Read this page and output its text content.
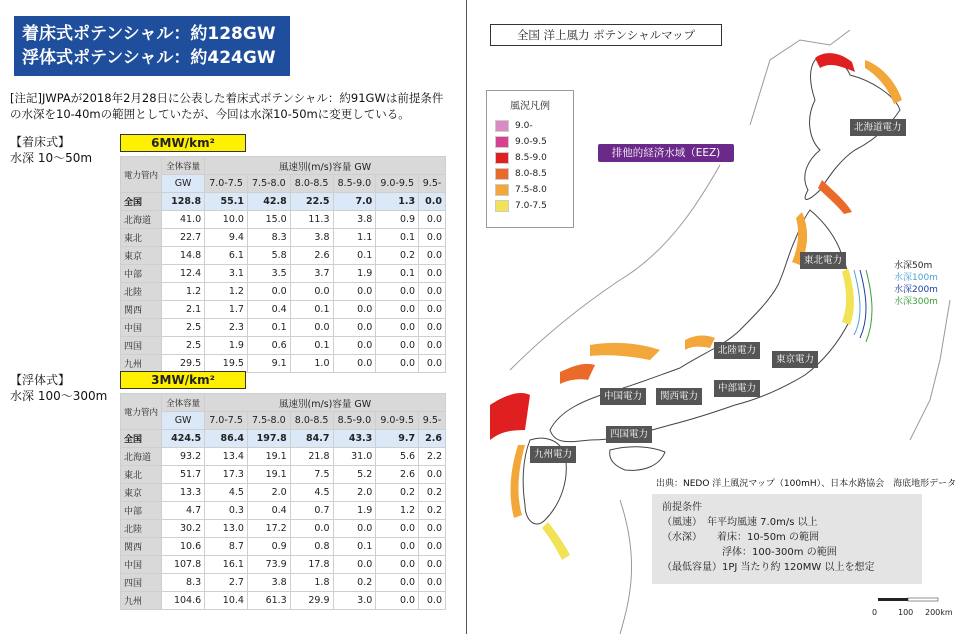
着床式ポテンシャル：約128GW
浮体式ポテンシャル：約424GW
[注記]JWPAが2018年2月28日に公表した着床式ポテンシャル：約91GWは前提条件の水深を10-40mの範囲としていたが、今回は水深10-50mに変更している。
【着床式】
水深 10〜50m
6MW/km²
電力管内	全体容量	風速別(m/s)容量 GW					
	GW	7.0-7.5	7.5-8.0	8.0-8.5	8.5-9.0	9.0-9.5	9.5-
全国	128.8	55.1	42.8	22.5	7.0	1.3	0.0
北海道	41.0	10.0	15.0	11.3	3.8	0.9	0.0
東北	22.7	9.4	8.3	3.8	1.1	0.1	0.0
東京	14.8	6.1	5.8	2.6	0.1	0.2	0.0
中部	12.4	3.1	3.5	3.7	1.9	0.1	0.0
北陸	1.2	1.2	0.0	0.0	0.0	0.0	0.0
関西	2.1	1.7	0.4	0.1	0.0	0.0	0.0
中国	2.5	2.3	0.1	0.0	0.0	0.0	0.0
四国	2.5	1.9	0.6	0.1	0.0	0.0	0.0
九州	29.5	19.5	9.1	1.0	0.0	0.0	0.0
【浮体式】
水深 100〜300m
3MW/km²
電力管内	全体容量	風速別(m/s)容量 GW					
	GW	7.0-7.5	7.5-8.0	8.0-8.5	8.5-9.0	9.0-9.5	9.5-
全国	424.5	86.4	197.8	84.7	43.3	9.7	2.6
北海道	93.2	13.4	19.1	21.8	31.0	5.6	2.2
東北	51.7	17.3	19.1	7.5	5.2	2.6	0.0
東京	13.3	4.5	2.0	4.5	2.0	0.2	0.2
中部	4.7	0.3	0.4	0.7	1.9	1.2	0.2
北陸	30.2	13.0	17.2	0.0	0.0	0.0	0.0
関西	10.6	8.7	0.9	0.8	0.1	0.0	0.0
中国	107.8	16.1	73.9	17.8	0.0	0.0	0.0
四国	8.3	2.7	3.8	1.8	0.2	0.0	0.0
九州	104.6	10.4	61.3	29.9	3.0	0.0	0.0
全国 洋上風力 ポテンシャルマップ
風況凡例
9.0-
9.0-9.5
8.5-9.0
8.0-8.5
7.5-8.0
7.0-7.5
排他的経済水域（EEZ)
北海道電力
東北電力
北陸電力
東京電力
中国電力	関西電力
中部電力
四国電力
九州電力
水深50m
水深100m
水深200m
水深300m
出典：NEDO 洋上風況マップ（100mH）、日本水路協会　海底地形データ
前提条件
（風速）　年平均風速 7.0m/s 以上
（水深）　　着床：10-50m の範囲
　　　　　　浮体：100-300m の範囲
（最低容量）1PJ 当たり約 120MW 以上を想定
0	100 200km
